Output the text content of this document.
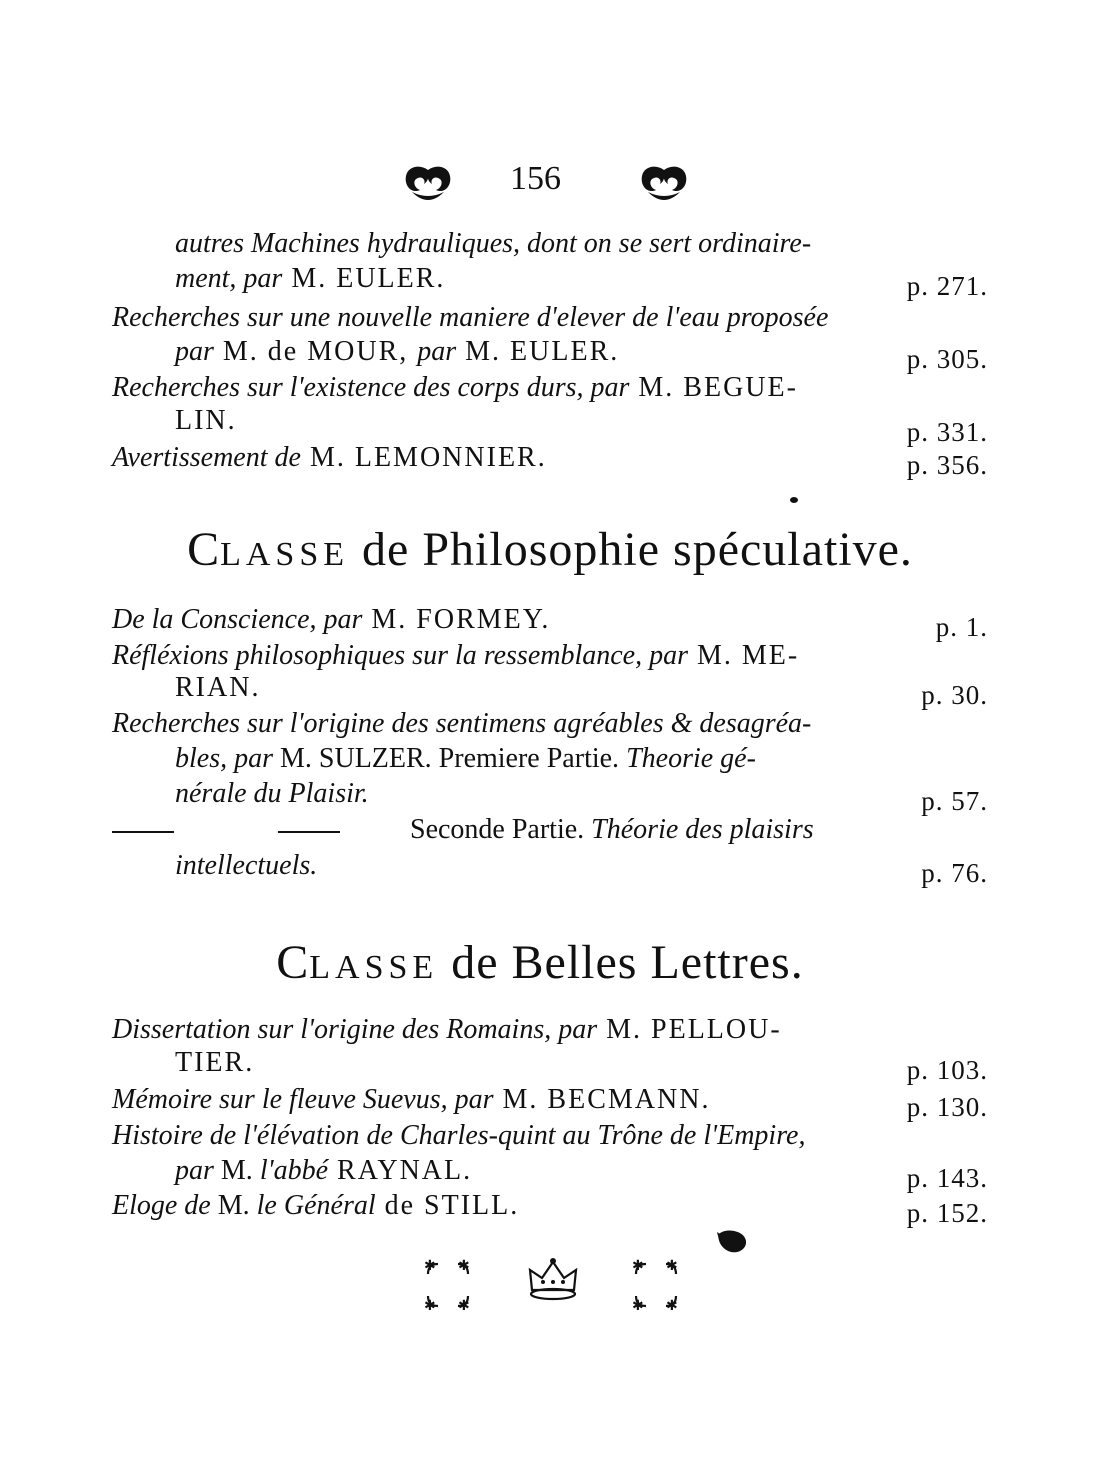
156
autres Machines hydrauliques, dont on se sert ordinaire-
ment, par M. EULER.	p. 271.
Recherches sur une nouvelle maniere d'elever de l'eau proposée
par M. de MOUR, par M. EULER.	p. 305.
Recherches sur l'existence des corps durs, par M. BEGUE-
LIN.	p. 331.
Avertissement de M. LEMONNIER.	p. 356.
CLASSE de Philosophie spéculative.
De la Conscience, par M. FORMEY.	p. 1.
Réfléxions philosophiques sur la ressemblance, par M. ME-
RIAN.	p. 30.
Recherches sur l'origine des sentimens agréables & desagréa-
bles, par M. SULZER. Premiere Partie. Theorie gé-
nérale du Plaisir.	p. 57.
Seconde Partie. Théorie des plaisirs
intellectuels.	p. 76.
CLASSE de Belles Lettres.
Dissertation sur l'origine des Romains, par M. PELLOU-
TIER.	p. 103.
Mémoire sur le fleuve Suevus, par M. BECMANN.	p. 130.
Histoire de l'élévation de Charles-quint au Trône de l'Empire,
par M. l'abbé RAYNAL.	p. 143.
Eloge de M. le Général de STILL.	p. 152.
✱ ✱
✱ ✱
✱ ✱
✱ ✱
